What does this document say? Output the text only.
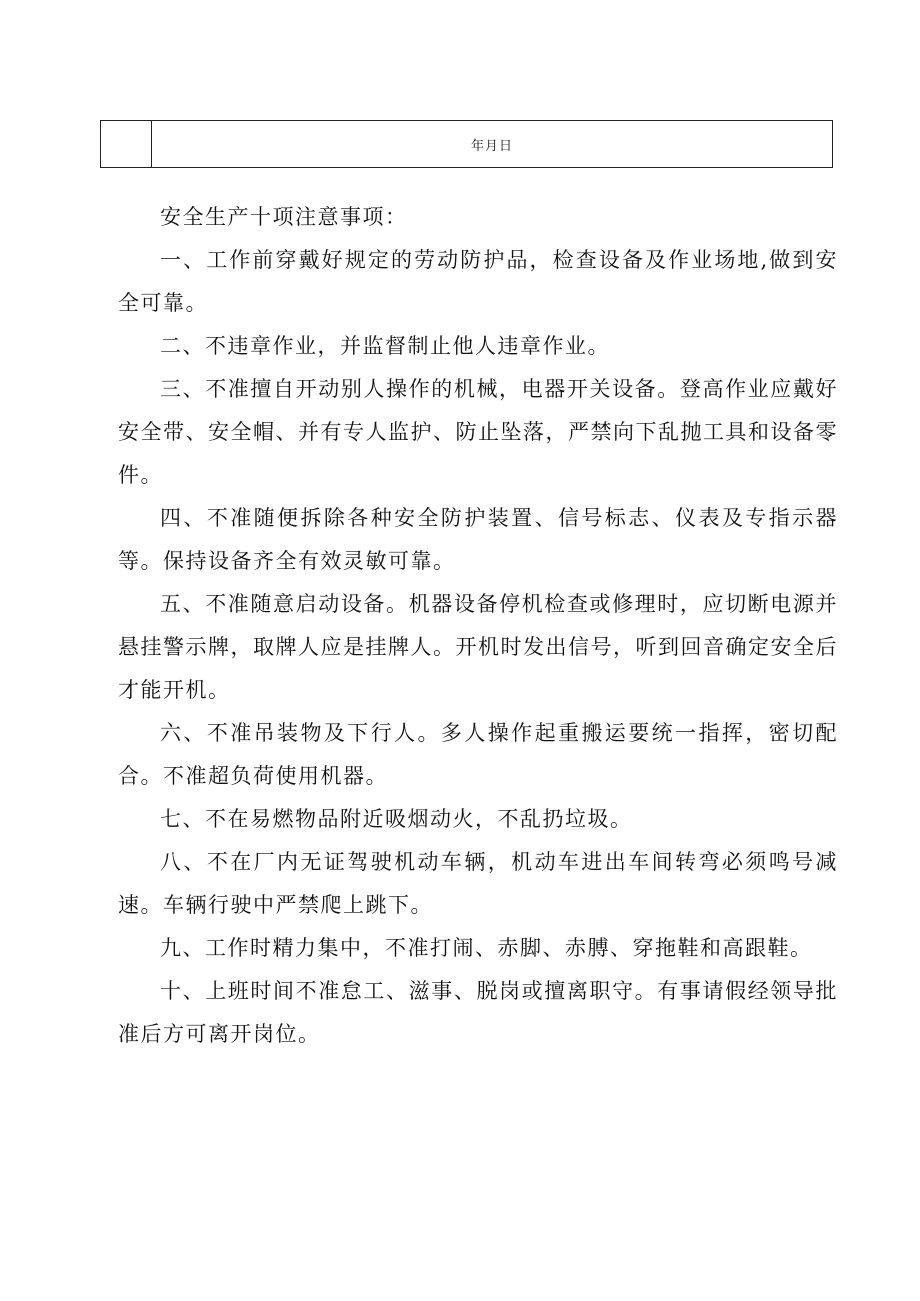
年月日

安全生产十项注意事项：

一、工作前穿戴好规定的劳动防护品，检查设备及作业场地,做到安全可靠。

二、不违章作业，并监督制止他人违章作业。

三、不准擅自开动别人操作的机械，电器开关设备。登高作业应戴好安全带、安全帽、并有专人监护、防止坠落，严禁向下乱抛工具和设备零件。

四、不准随便拆除各种安全防护装置、信号标志、仪表及专指示器等。保持设备齐全有效灵敏可靠。

五、不准随意启动设备。机器设备停机检查或修理时，应切断电源并悬挂警示牌，取牌人应是挂牌人。开机时发出信号，听到回音确定安全后才能开机。

六、不准吊装物及下行人。多人操作起重搬运要统一指挥，密切配合。不准超负荷使用机器。

七、不在易燃物品附近吸烟动火，不乱扔垃圾。

八、不在厂内无证驾驶机动车辆，机动车进出车间转弯必须鸣号减速。车辆行驶中严禁爬上跳下。

九、工作时精力集中，不准打闹、赤脚、赤膊、穿拖鞋和高跟鞋。

十、上班时间不准怠工、滋事、脱岗或擅离职守。有事请假经领导批准后方可离开岗位。
